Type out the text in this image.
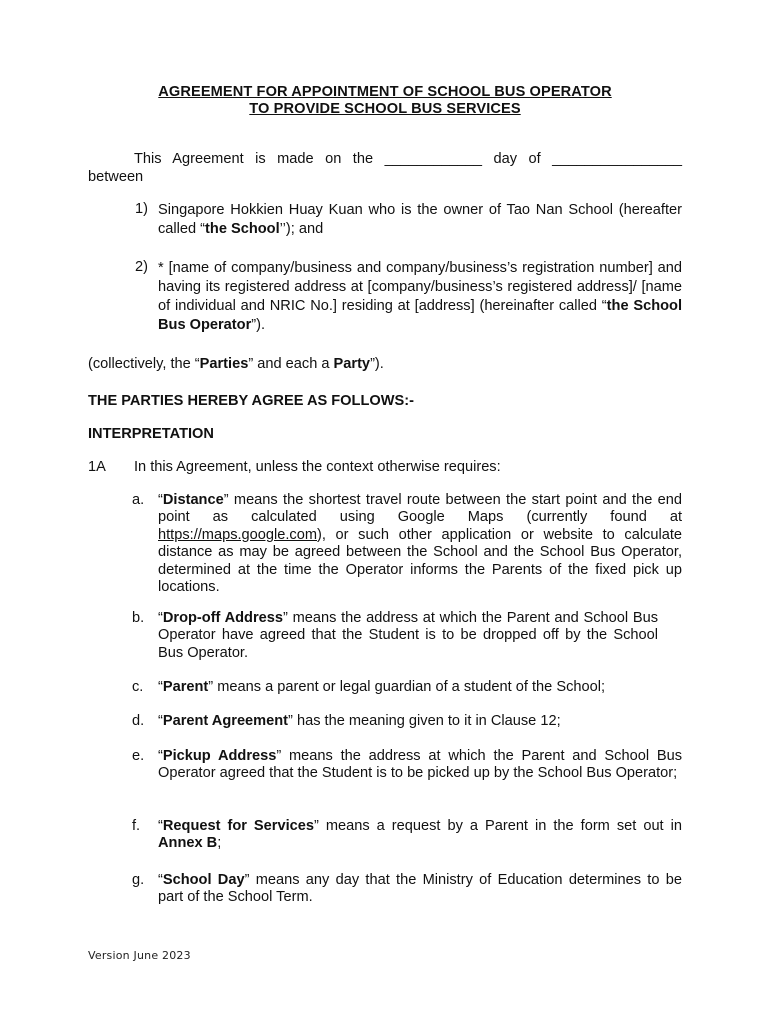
AGREEMENT FOR APPOINTMENT OF SCHOOL BUS OPERATOR
TO PROVIDE SCHOOL BUS SERVICES
This Agreement is made on the ____________ day of ________________
between
1) Singapore Hokkien Huay Kuan who is the owner of Tao Nan School (hereafter called “the School’’); and
2) * [name of company/business and company/business’s registration number] and having its registered address at [company/business’s registered address]/ [name of individual and NRIC No.] residing at [address] (hereinafter called “the School Bus Operator”).
(collectively, the “Parties” and each a Party”).
THE PARTIES HEREBY AGREE AS FOLLOWS:-
INTERPRETATION
1A In this Agreement, unless the context otherwise requires:
a. “Distance” means the shortest travel route between the start point and the end point as calculated using Google Maps (currently found at https://maps.google.com), or such other application or website to calculate distance as may be agreed between the School and the School Bus Operator, determined at the time the Operator informs the Parents of the fixed pick up locations.
b. “Drop-off Address” means the address at which the Parent and School Bus Operator have agreed that the Student is to be dropped off by the School Bus Operator.
c.	“Parent” means a parent or legal guardian of a student of the School;
d. “Parent Agreement” has the meaning given to it in Clause 12;
e. “Pickup Address” means the address at which the Parent and School Bus Operator agreed that the Student is to be picked up by the School Bus Operator;
f.	“Request for Services” means a request by a Parent in the form set out in Annex B;
g. “School Day” means any day that the Ministry of Education determines to be part of the School Term.
Version June 2023
